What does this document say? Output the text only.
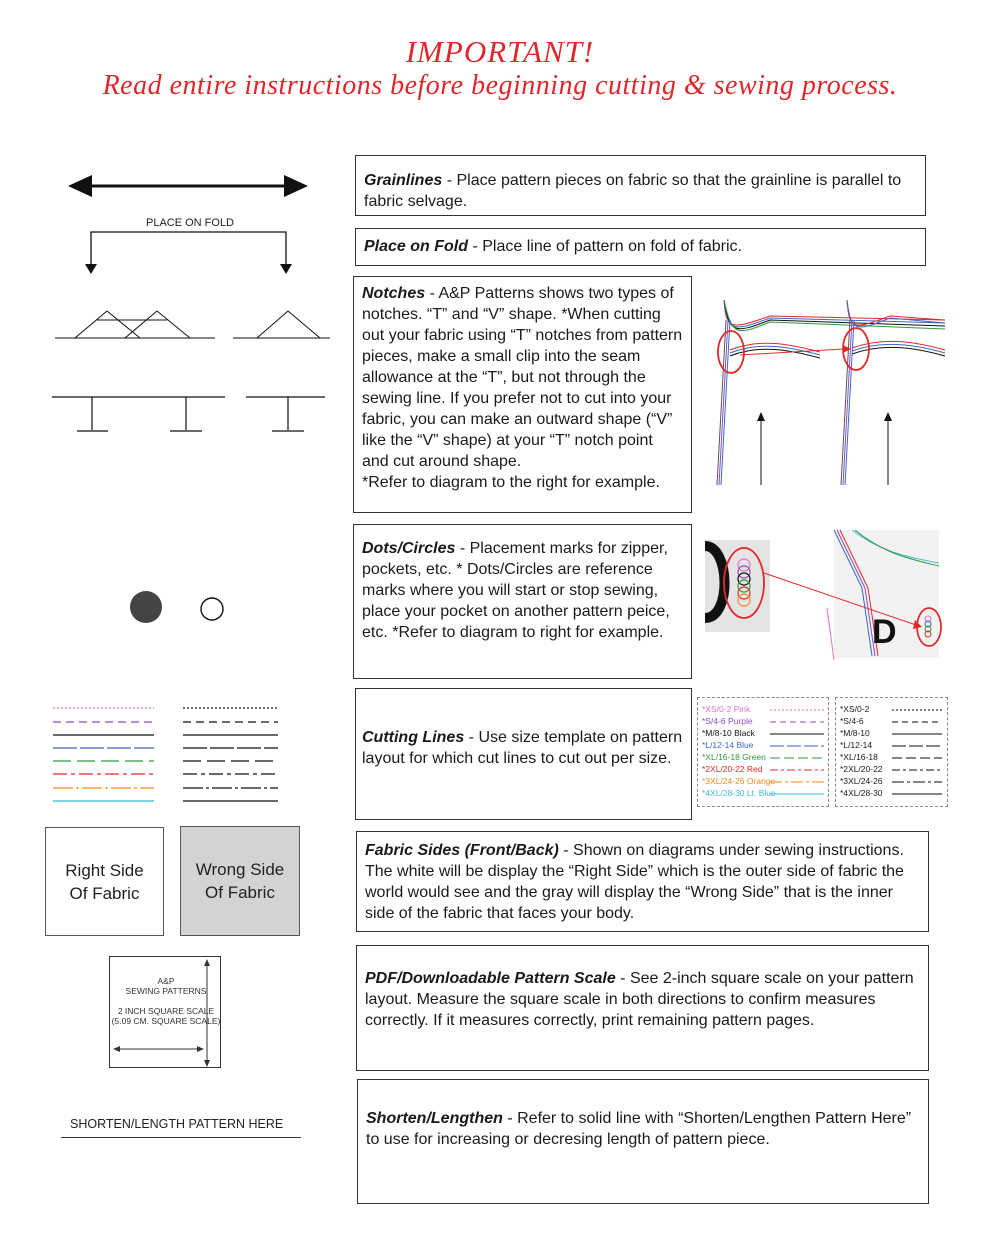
IMPORTANT!
Read entire instructions before beginning cutting & sewing process.
Grainlines - Place pattern pieces on fabric so that the grainline is parallel to fabric selvage.
PLACE ON FOLD
Place on Fold - Place line of pattern on fold of fabric.
Notches - A&P Patterns shows two types of notches. “T” and “V” shape. *When cutting out your fabric using “T” notches from pattern pieces, make a small clip into the seam allowance at the “T”, but not through the sewing line. If you prefer not to cut into your fabric, you can make an outward shape (“V” like the “V” shape) at your “T” notch point and cut around shape.
*Refer to diagram to the right for example.
Dots/Circles - Placement marks for zipper, pockets, etc. * Dots/Circles are reference marks where you will start or stop sewing, place your pocket on another pattern peice, etc. *Refer to diagram to right for example.	D
Cutting Lines - Use size template on pattern layout for which cut lines to cut out per size.
*XS/0-2 Pink
*S/4-6 Purple
*M/8-10 Black
*L/12-14 Blue
*XL/16-18 Green
*2XL/20-22 Red
*3XL/24-26 Orange
*4XL/28-30 Lt. Blue
*XS/0-2
*S/4-6
*M/8-10
*L/12-14
*XL/16-18
*2XL/20-22
*3XL/24-26
*4XL/28-30
Right Side Of Fabric
Wrong Side Of Fabric
Fabric Sides (Front/Back) - Shown on diagrams under sewing instructions. The white will be display the “Right Side” which is the outer side of fabric the world would see and the gray will display the “Wrong Side” that is the inner side of the fabric that faces your body.
A&P
SEWING PATTERNS
2 INCH SQUARE SCALE
(5.09 CM. SQUARE SCALE)
PDF/Downloadable Pattern Scale - See 2-inch square scale on your pattern layout. Measure the square scale in both directions to confirm measures correctly. If it measures correctly, print remaining pattern pages.
SHORTEN/LENGTH PATTERN HERE	Shorten/Lengthen - Refer to solid line with “Shorten/Lengthen Pattern Here” to use for increasing or decresing length of pattern piece.
